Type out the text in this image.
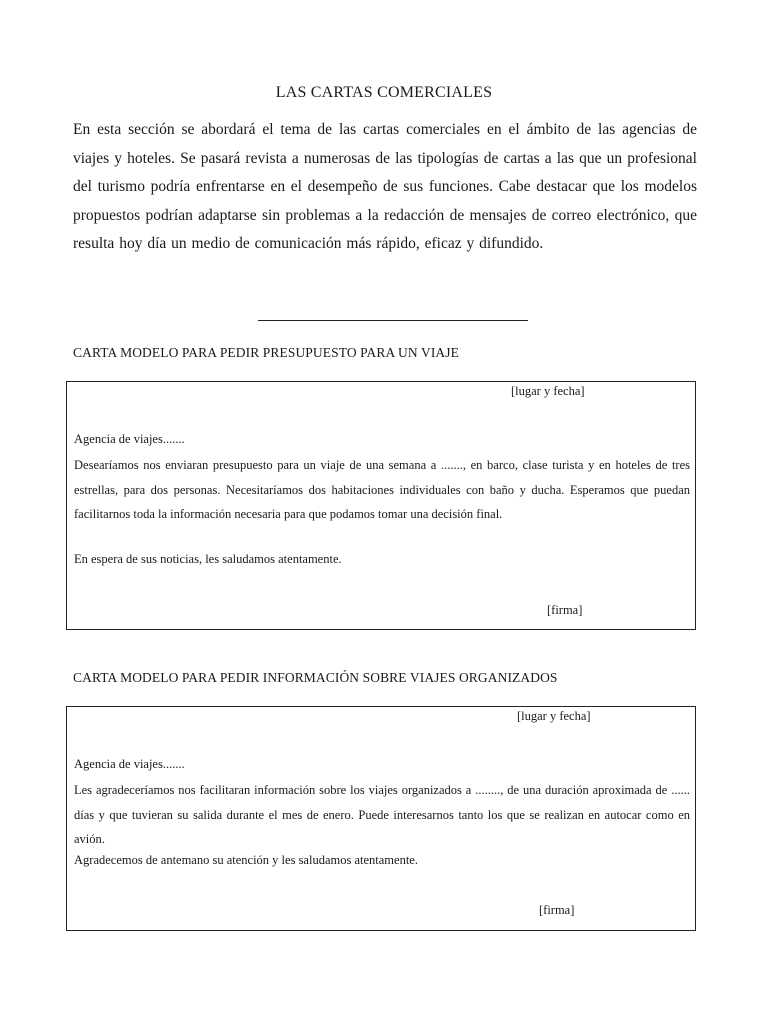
LAS CARTAS COMERCIALES

En esta sección se abordará el tema de las cartas comerciales en el ámbito de las agencias de viajes y hoteles. Se pasará revista a numerosas de las tipologías de cartas a las que un profesional del turismo podría enfrentarse en el desempeño de sus funciones. Cabe destacar que los modelos propuestos podrían adaptarse sin problemas a la redacción de mensajes de correo electrónico, que resulta hoy día un medio de comunicación más rápido, eficaz y difundido.

CARTA MODELO PARA PEDIR PRESUPUESTO PARA UN VIAJE
[lugar y fecha]
Agencia de viajes.......

Desearíamos nos enviaran presupuesto para un viaje de una semana a ......., en barco, clase turista y en hoteles de tres estrellas, para dos personas. Necesitaríamos dos habitaciones individuales con baño y ducha. Esperamos que puedan facilitarnos toda la información necesaria para que podamos tomar una decisión final.

En espera de sus noticias, les saludamos atentamente.
[firma]
CARTA MODELO PARA PEDIR INFORMACIÓN SOBRE VIAJES ORGANIZADOS
[lugar y fecha]
Agencia de viajes.......

Les agradeceríamos nos facilitaran información sobre los viajes organizados a ........, de una duración aproximada de ...... días y que tuvieran su salida durante el mes de enero. Puede interesarnos tanto los que se realizan en autocar como en avión.

Agradecemos de antemano su atención y les saludamos atentamente.
[firma]
